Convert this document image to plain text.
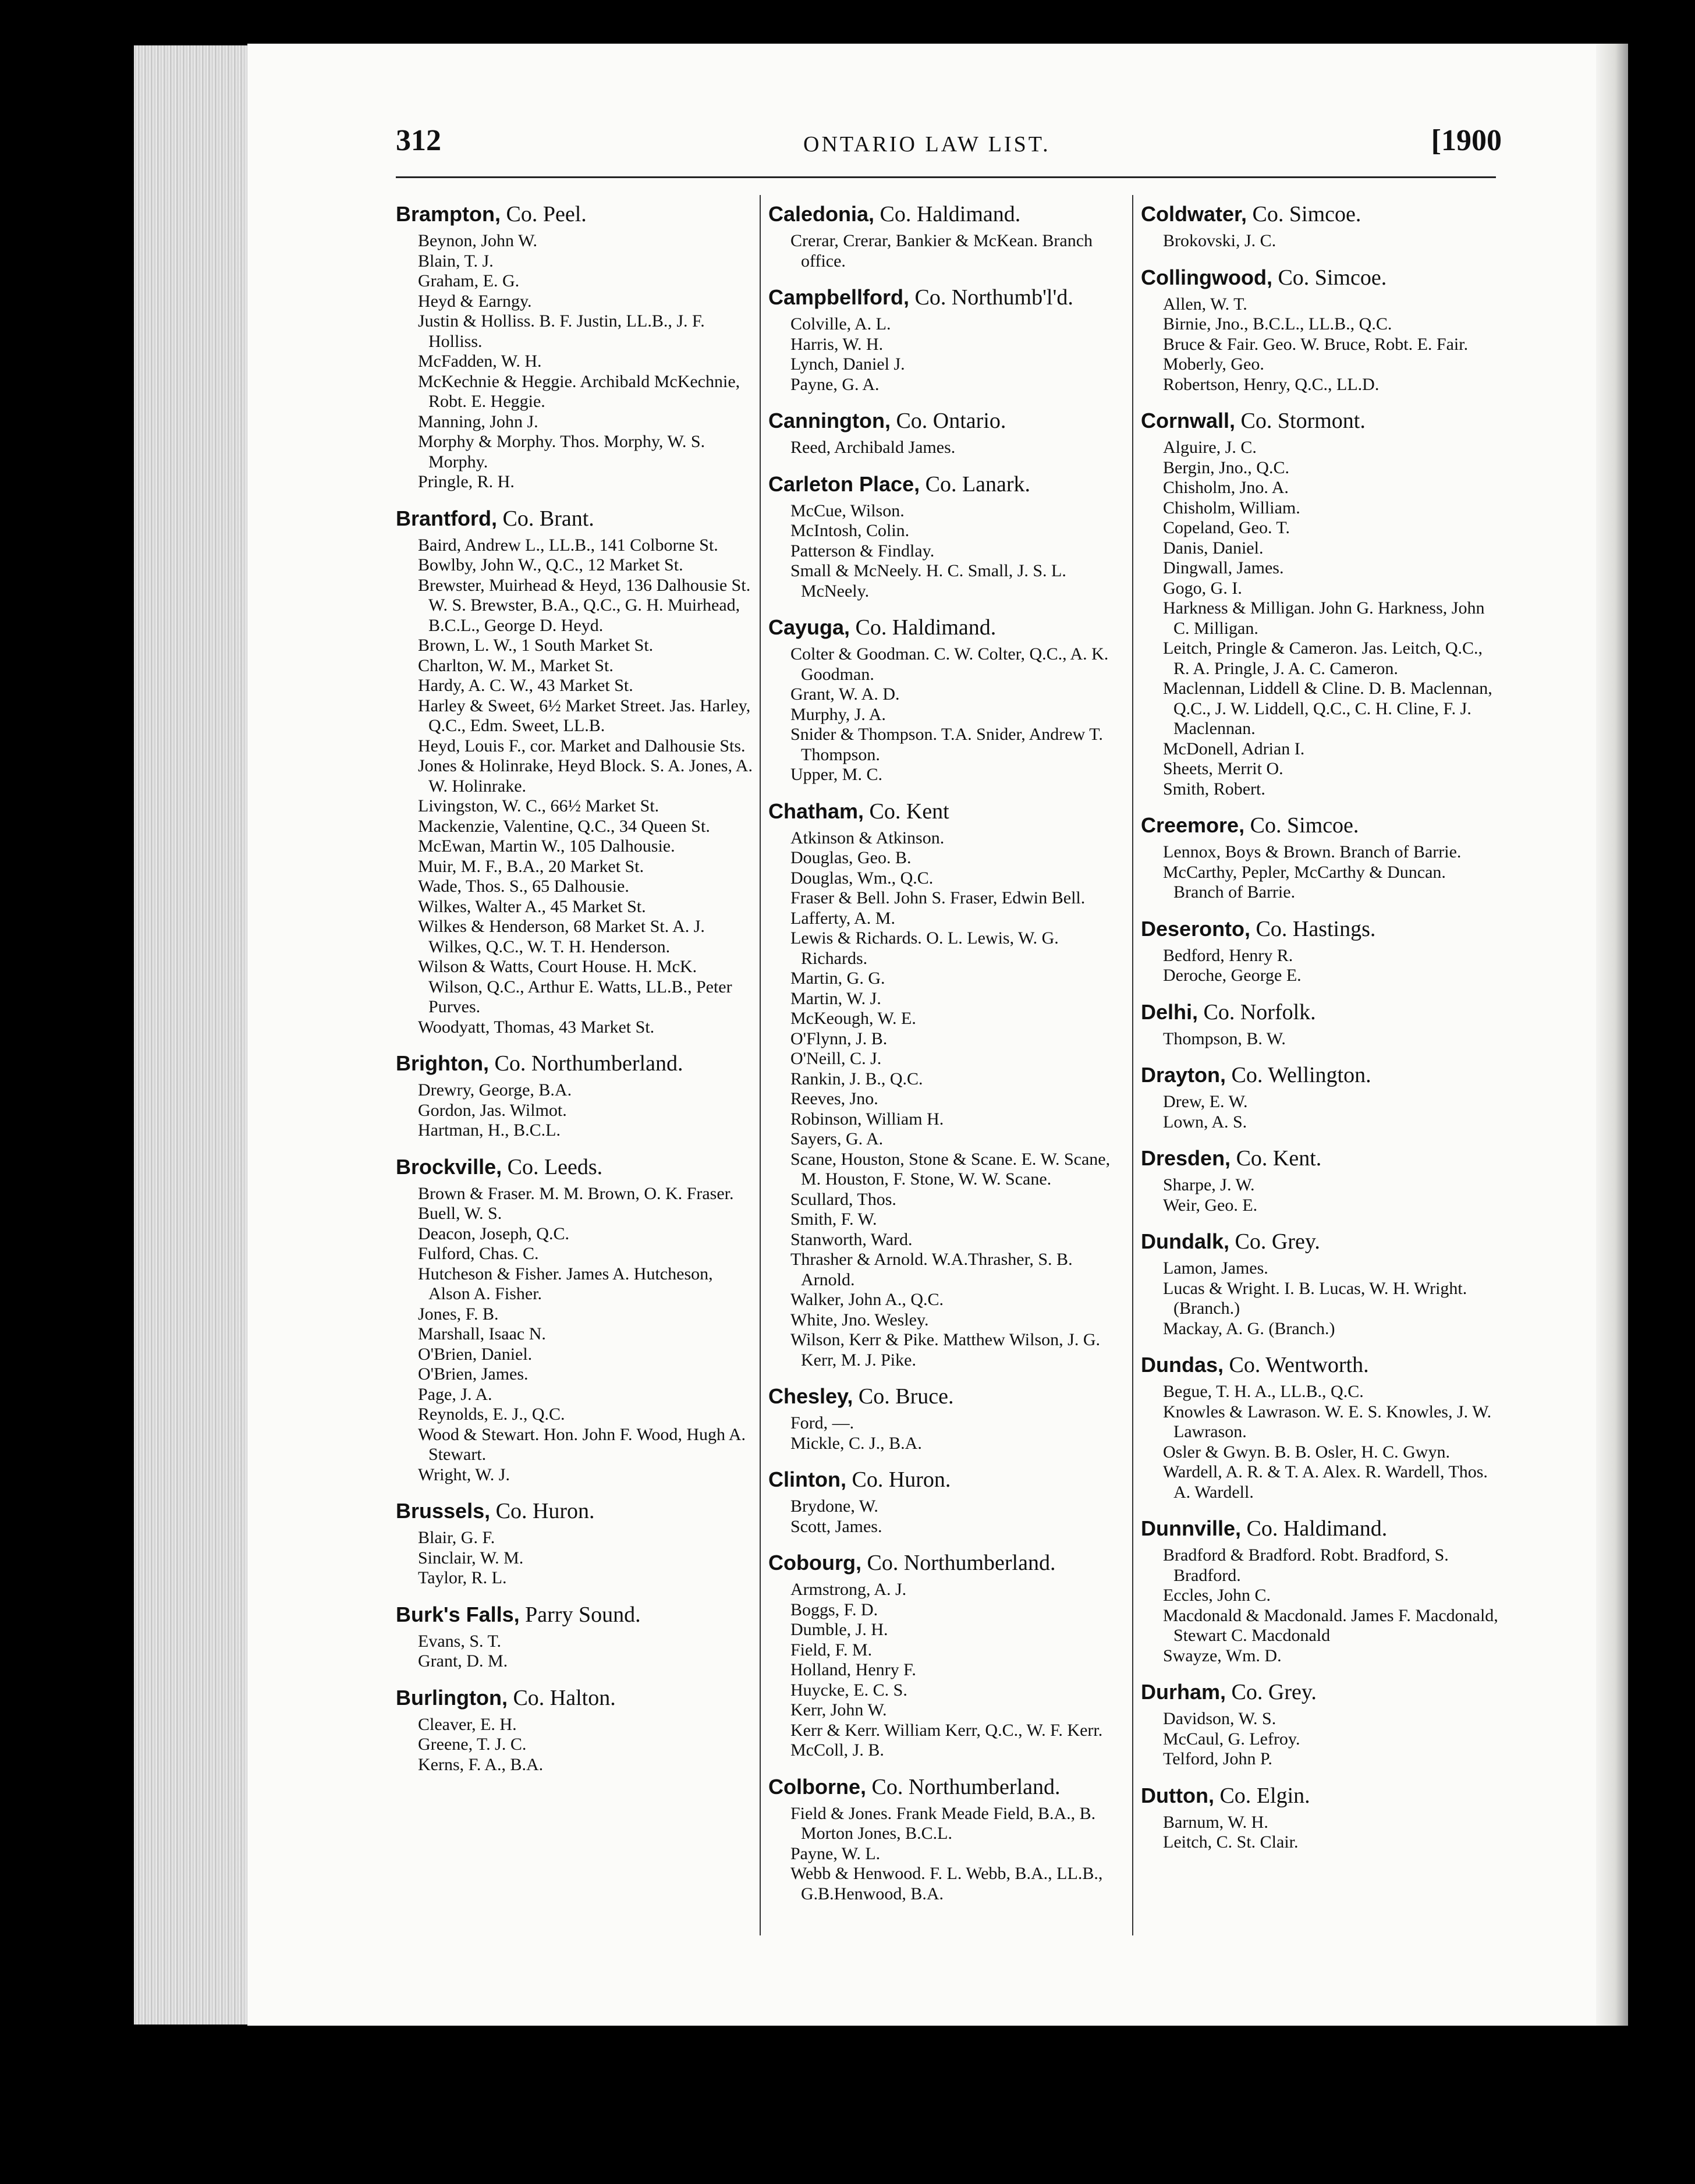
312	ONTARIO LAW LIST.	[1900

Brampton, Co. Peel.

Beynon, John W.
Blain, T. J.
Graham, E. G.
Heyd & Earngy.
Justin & Holliss. B. F. Justin, LL.B., J. F. Holliss.
McFadden, W. H.
McKechnie & Heggie. Archibald McKechnie, Robt. E. Heggie.
Manning, John J.
Morphy & Morphy. Thos. Morphy, W. S. Morphy.
Pringle, R. H.

Brantford, Co. Brant.

Baird, Andrew L., LL.B., 141 Colborne St.
Bowlby, John W., Q.C., 12 Market St.
Brewster, Muirhead & Heyd, 136 Dalhousie St. W. S. Brewster, B.A., Q.C., G. H. Muirhead, B.C.L., George D. Heyd.
Brown, L. W., 1 South Market St.
Charlton, W. M., Market St.
Hardy, A. C. W., 43 Market St.
Harley & Sweet, 6½ Market Street. Jas. Harley, Q.C., Edm. Sweet, LL.B.
Heyd, Louis F., cor. Market and Dalhousie Sts.
Jones & Holinrake, Heyd Block. S. A. Jones, A. W. Holinrake.
Livingston, W. C., 66½ Market St.
Mackenzie, Valentine, Q.C., 34 Queen St.
McEwan, Martin W., 105 Dalhousie.
Muir, M. F., B.A., 20 Market St.
Wade, Thos. S., 65 Dalhousie.
Wilkes, Walter A., 45 Market St.
Wilkes & Henderson, 68 Market St. A. J. Wilkes, Q.C., W. T. H. Henderson.
Wilson & Watts, Court House. H. McK. Wilson, Q.C., Arthur E. Watts, LL.B., Peter Purves.
Woodyatt, Thomas, 43 Market St.

Brighton, Co. Northumberland.

Drewry, George, B.A.
Gordon, Jas. Wilmot.
Hartman, H., B.C.L.

Brockville, Co. Leeds.

Brown & Fraser. M. M. Brown, O. K. Fraser.
Buell, W. S.
Deacon, Joseph, Q.C.
Fulford, Chas. C.
Hutcheson & Fisher. James A. Hutcheson, Alson A. Fisher.
Jones, F. B.
Marshall, Isaac N.
O'Brien, Daniel.
O'Brien, James.
Page, J. A.
Reynolds, E. J., Q.C.
Wood & Stewart. Hon. John F. Wood, Hugh A. Stewart.
Wright, W. J.

Brussels, Co. Huron.

Blair, G. F.
Sinclair, W. M.
Taylor, R. L.

Burk's Falls, Parry Sound.

Evans, S. T.
Grant, D. M.

Burlington, Co. Halton.

Cleaver, E. H.
Greene, T. J. C.
Kerns, F. A., B.A.

Caledonia, Co. Haldimand.

Crerar, Crerar, Bankier & McKean. Branch office.

Campbellford, Co. Northumb'l'd.

Colville, A. L.
Harris, W. H.
Lynch, Daniel J.
Payne, G. A.

Cannington, Co. Ontario.

Reed, Archibald James.

Carleton Place, Co. Lanark.

McCue, Wilson.
McIntosh, Colin.
Patterson & Findlay.
Small & McNeely. H. C. Small, J. S. L. McNeely.

Cayuga, Co. Haldimand.

Colter & Goodman. C. W. Colter, Q.C., A. K. Goodman.
Grant, W. A. D.
Murphy, J. A.
Snider & Thompson. T.A. Snider, Andrew T. Thompson.
Upper, M. C.

Chatham, Co. Kent

Atkinson & Atkinson.
Douglas, Geo. B.
Douglas, Wm., Q.C.
Fraser & Bell. John S. Fraser, Edwin Bell.
Lafferty, A. M.
Lewis & Richards. O. L. Lewis, W. G. Richards.
Martin, G. G.
Martin, W. J.
McKeough, W. E.
O'Flynn, J. B.
O'Neill, C. J.
Rankin, J. B., Q.C.
Reeves, Jno.
Robinson, William H.
Sayers, G. A.
Scane, Houston, Stone & Scane. E. W. Scane, M. Houston, F. Stone, W. W. Scane.
Scullard, Thos.
Smith, F. W.
Stanworth, Ward.
Thrasher & Arnold. W.A.Thrasher, S. B. Arnold.
Walker, John A., Q.C.
White, Jno. Wesley.
Wilson, Kerr & Pike. Matthew Wilson, J. G. Kerr, M. J. Pike.

Chesley, Co. Bruce.

Ford, —.
Mickle, C. J., B.A.

Clinton, Co. Huron.

Brydone, W.
Scott, James.

Cobourg, Co. Northumberland.

Armstrong, A. J.
Boggs, F. D.
Dumble, J. H.
Field, F. M.
Holland, Henry F.
Huycke, E. C. S.
Kerr, John W.
Kerr & Kerr. William Kerr, Q.C., W. F. Kerr.
McColl, J. B.

Colborne, Co. Northumberland.

Field & Jones. Frank Meade Field, B.A., B. Morton Jones, B.C.L.
Payne, W. L.
Webb & Henwood. F. L. Webb, B.A., LL.B., G.B.Henwood, B.A.

Coldwater, Co. Simcoe.

Brokovski, J. C.

Collingwood, Co. Simcoe.

Allen, W. T.
Birnie, Jno., B.C.L., LL.B., Q.C.
Bruce & Fair. Geo. W. Bruce, Robt. E. Fair.
Moberly, Geo.
Robertson, Henry, Q.C., LL.D.

Cornwall, Co. Stormont.

Alguire, J. C.
Bergin, Jno., Q.C.
Chisholm, Jno. A.
Chisholm, William.
Copeland, Geo. T.
Danis, Daniel.
Dingwall, James.
Gogo, G. I.
Harkness & Milligan. John G. Harkness, John C. Milligan.
Leitch, Pringle & Cameron. Jas. Leitch, Q.C., R. A. Pringle, J. A. C. Cameron.
Maclennan, Liddell & Cline. D. B. Maclennan, Q.C., J. W. Liddell, Q.C., C. H. Cline, F. J. Maclennan.
McDonell, Adrian I.
Sheets, Merrit O.
Smith, Robert.

Creemore, Co. Simcoe.

Lennox, Boys & Brown. Branch of Barrie.
McCarthy, Pepler, McCarthy & Duncan. Branch of Barrie.

Deseronto, Co. Hastings.

Bedford, Henry R.
Deroche, George E.

Delhi, Co. Norfolk.

Thompson, B. W.

Drayton, Co. Wellington.

Drew, E. W.
Lown, A. S.

Dresden, Co. Kent.

Sharpe, J. W.
Weir, Geo. E.

Dundalk, Co. Grey.

Lamon, James.
Lucas & Wright. I. B. Lucas, W. H. Wright. (Branch.)
Mackay, A. G. (Branch.)

Dundas, Co. Wentworth.

Begue, T. H. A., LL.B., Q.C.
Knowles & Lawrason. W. E. S. Knowles, J. W. Lawrason.
Osler & Gwyn. B. B. Osler, H. C. Gwyn.
Wardell, A. R. & T. A. Alex. R. Wardell, Thos. A. Wardell.

Dunnville, Co. Haldimand.

Bradford & Bradford. Robt. Bradford, S. Bradford.
Eccles, John C.
Macdonald & Macdonald. James F. Macdonald, Stewart C. Macdonald
Swayze, Wm. D.

Durham, Co. Grey.

Davidson, W. S.
McCaul, G. Lefroy.
Telford, John P.

Dutton, Co. Elgin.

Barnum, W. H.
Leitch, C. St. Clair.
